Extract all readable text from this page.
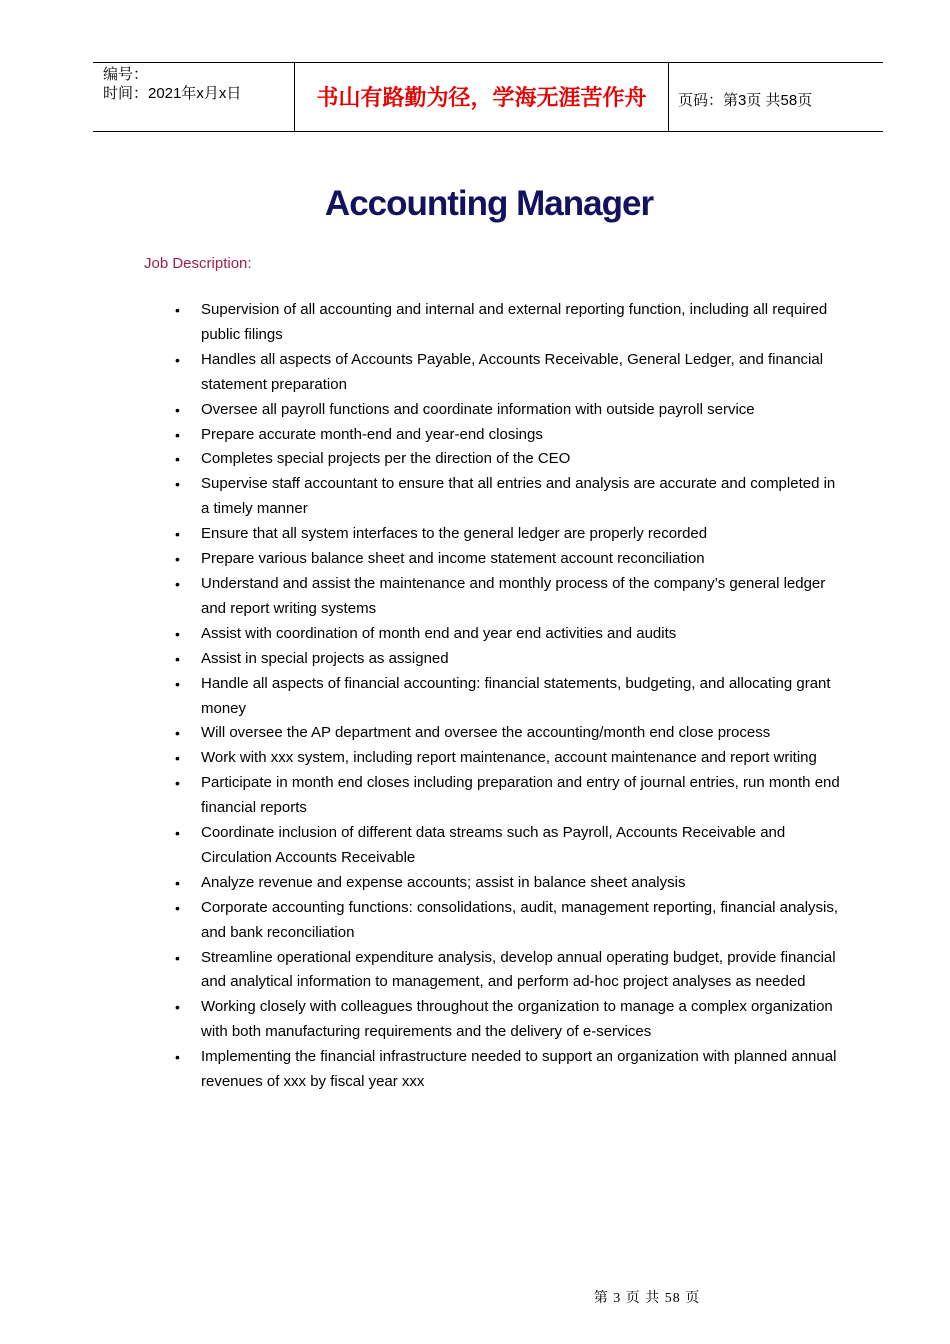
编号：
时间：2021年x月x日	书山有路勤为径，学海无涯苦作舟	页码：第3页 共58页
Accounting Manager
Job Description:
• Supervision of all accounting and internal and external reporting function, including all required public filings
• Handles all aspects of Accounts Payable, Accounts Receivable, General Ledger, and financial statement preparation
• Oversee all payroll functions and coordinate information with outside payroll service
• Prepare accurate month-end and year-end closings
• Completes special projects per the direction of the CEO
• Supervise staff accountant to ensure that all entries and analysis are accurate and completed in a timely manner
• Ensure that all system interfaces to the general ledger are properly recorded
• Prepare various balance sheet and income statement account reconciliation
• Understand and assist the maintenance and monthly process of the company’s general ledger and report writing systems
• Assist with coordination of month end and year end activities and audits
• Assist in special projects as assigned
• Handle all aspects of financial accounting: financial statements, budgeting, and allocating grant money
• Will oversee the AP department and oversee the accounting/month end close process
• Work with xxx system, including report maintenance, account maintenance and report writing
• Participate in month end closes including preparation and entry of journal entries, run month end financial reports
• Coordinate inclusion of different data streams such as Payroll, Accounts Receivable and Circulation Accounts Receivable
• Analyze revenue and expense accounts; assist in balance sheet analysis
• Corporate accounting functions: consolidations, audit, management reporting, financial analysis, and bank reconciliation
• Streamline operational expenditure analysis, develop annual operating budget, provide financial and analytical information to management, and perform ad-hoc project analyses as needed
• Working closely with colleagues throughout the organization to manage a complex organization with both manufacturing requirements and the delivery of e-services
• Implementing the financial infrastructure needed to support an organization with planned annual revenues of xxx by fiscal year xxx
第 3 页 共 58 页
